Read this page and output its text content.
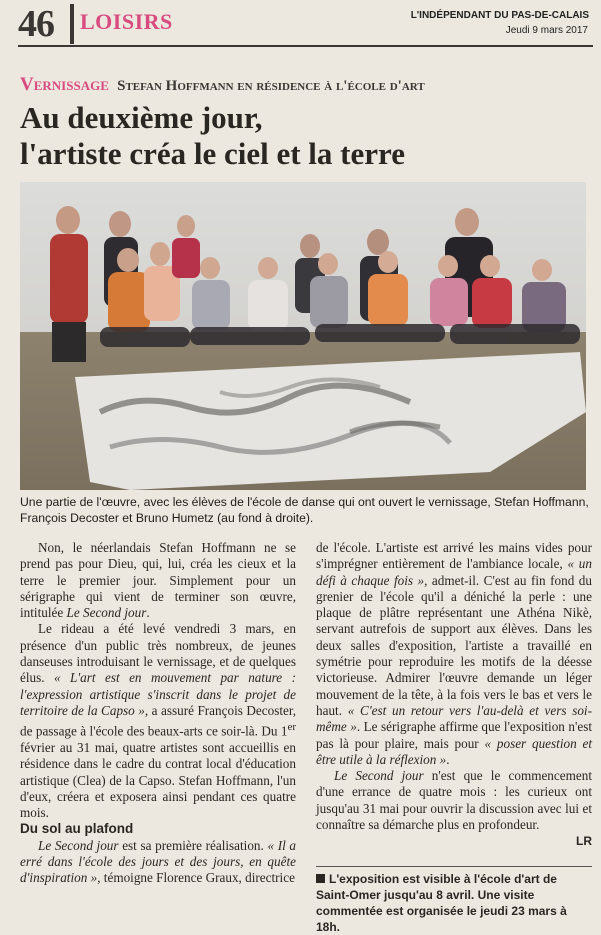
46 LOISIRS	L'INDÉPENDANT DU PAS-DE-CALAIS
Jeudi 9 mars 2017
Vernissage Stefan Hoffmann en résidence à l'école d'art
Au deuxième jour,
l'artiste créa le ciel et la terre
Une partie de l'œuvre, avec les élèves de l'école de danse qui ont ouvert le vernissage, Stefan Hoffmann, François Decoster et Bruno Humetz (au fond à droite).

Non, le néerlandais Stefan Hoffmann ne se prend pas pour Dieu, qui, lui, créa les cieux et la terre le premier jour. Simplement pour un sérigraphe qui vient de terminer son œuvre, intitulée Le Second jour.

Le rideau a été levé vendredi 3 mars, en présence d'un public très nombreux, de jeunes danseuses introduisant le vernissage, et de quelques élus. « L'art est en mouvement par nature : l'expression artistique s'inscrit dans le projet de territoire de la Capso », a assuré François Decoster, de passage à l'école des beaux-arts ce soir-là. Du 1er février au 31 mai, quatre artistes sont accueillis en résidence dans le cadre du contrat local d'éducation artistique (Clea) de la Capso. Stefan Hoffmann, l'un d'eux, créera et exposera ainsi pendant ces quatre mois.

Du sol au plafond

Le Second jour est sa première réalisation. « Il a erré dans l'école des jours et des jours, en quête d'inspiration », témoigne Florence Graux, directrice

de l'école. L'artiste est arrivé les mains vides pour s'imprégner entièrement de l'ambiance locale, « un défi à chaque fois », admet-il. C'est au fin fond du grenier de l'école qu'il a déniché la perle : une plaque de plâtre représentant une Athéna Nikè, servant autrefois de support aux élèves. Dans les deux salles d'exposition, l'artiste a travaillé en symétrie pour reproduire les motifs de la déesse victorieuse. Admirer l'œuvre demande un léger mouvement de la tête, à la fois vers le bas et vers le haut. « C'est un retour vers l'au-delà et vers soi-même ». Le sérigraphe affirme que l'exposition n'est pas là pour plaire, mais pour « poser question et être utile à la réflexion ».

Le Second jour n'est que le commencement d'une errance de quatre mois : les curieux ont jusqu'au 31 mai pour ouvrir la discussion avec lui et connaître sa démarche plus en profondeur.

LR

L'exposition est visible à l'école d'art de Saint-Omer jusqu'au 8 avril. Une visite commentée est organisée le jeudi 23 mars à 18h.
